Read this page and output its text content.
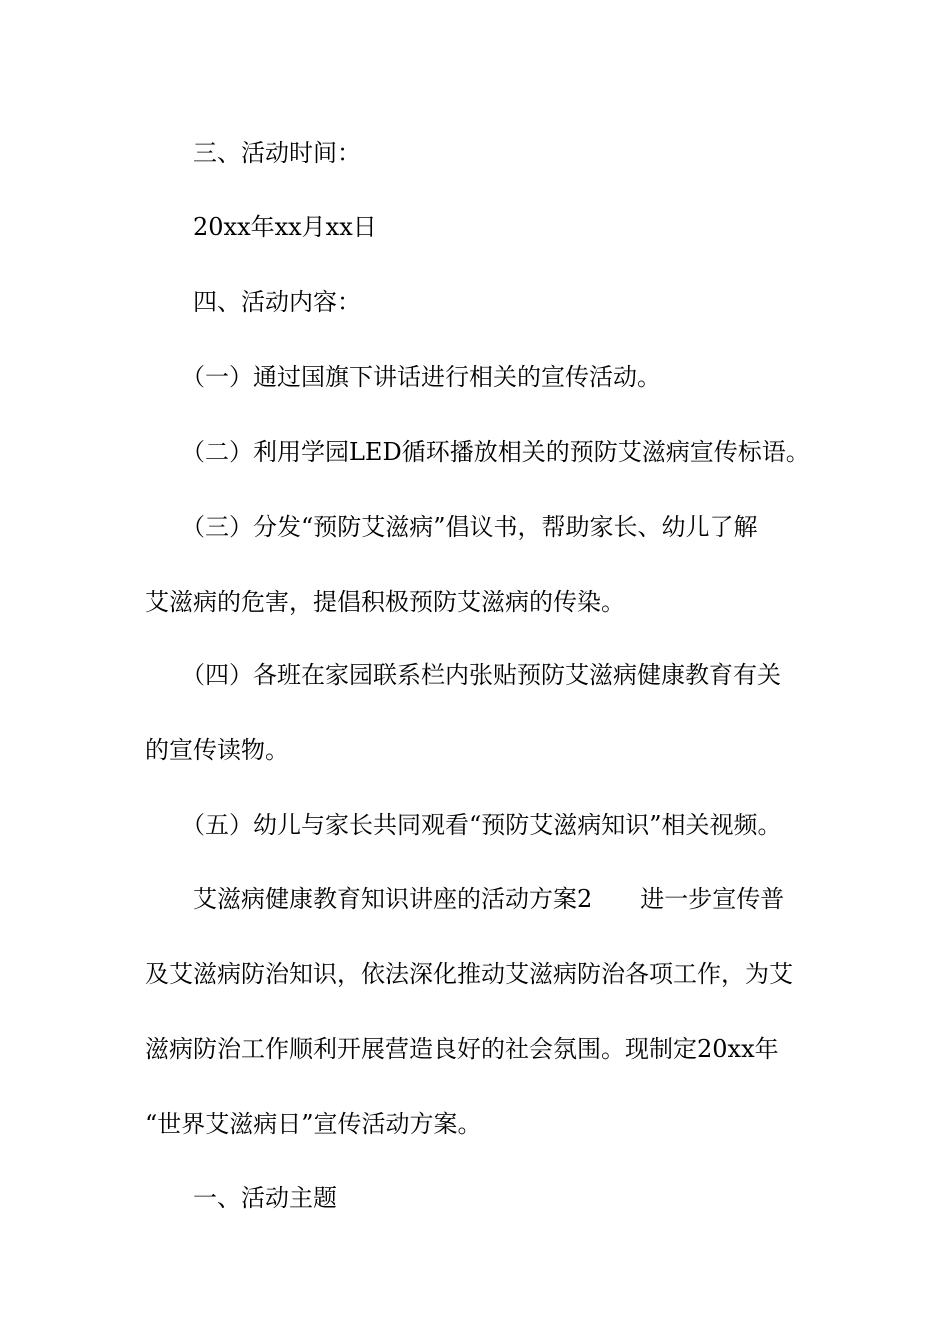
三、活动时间：
20xx年xx月xx日
四、活动内容：
（一）通过国旗下讲话进行相关的宣传活动。
（二）利用学园LED循环播放相关的预防艾滋病宣传标语。
（三）分发“预防艾滋病”倡议书，帮助家长、幼儿了解
艾滋病的危害，提倡积极预防艾滋病的传染。
（四）各班在家园联系栏内张贴预防艾滋病健康教育有关
的宣传读物。
（五）幼儿与家长共同观看“预防艾滋病知识”相关视频。
艾滋病健康教育知识讲座的活动方案2 进一步宣传普
及艾滋病防治知识，依法深化推动艾滋病防治各项工作，为艾
滋病防治工作顺利开展营造良好的社会氛围。现制定20xx年
“世界艾滋病日”宣传活动方案。
一、活动主题
